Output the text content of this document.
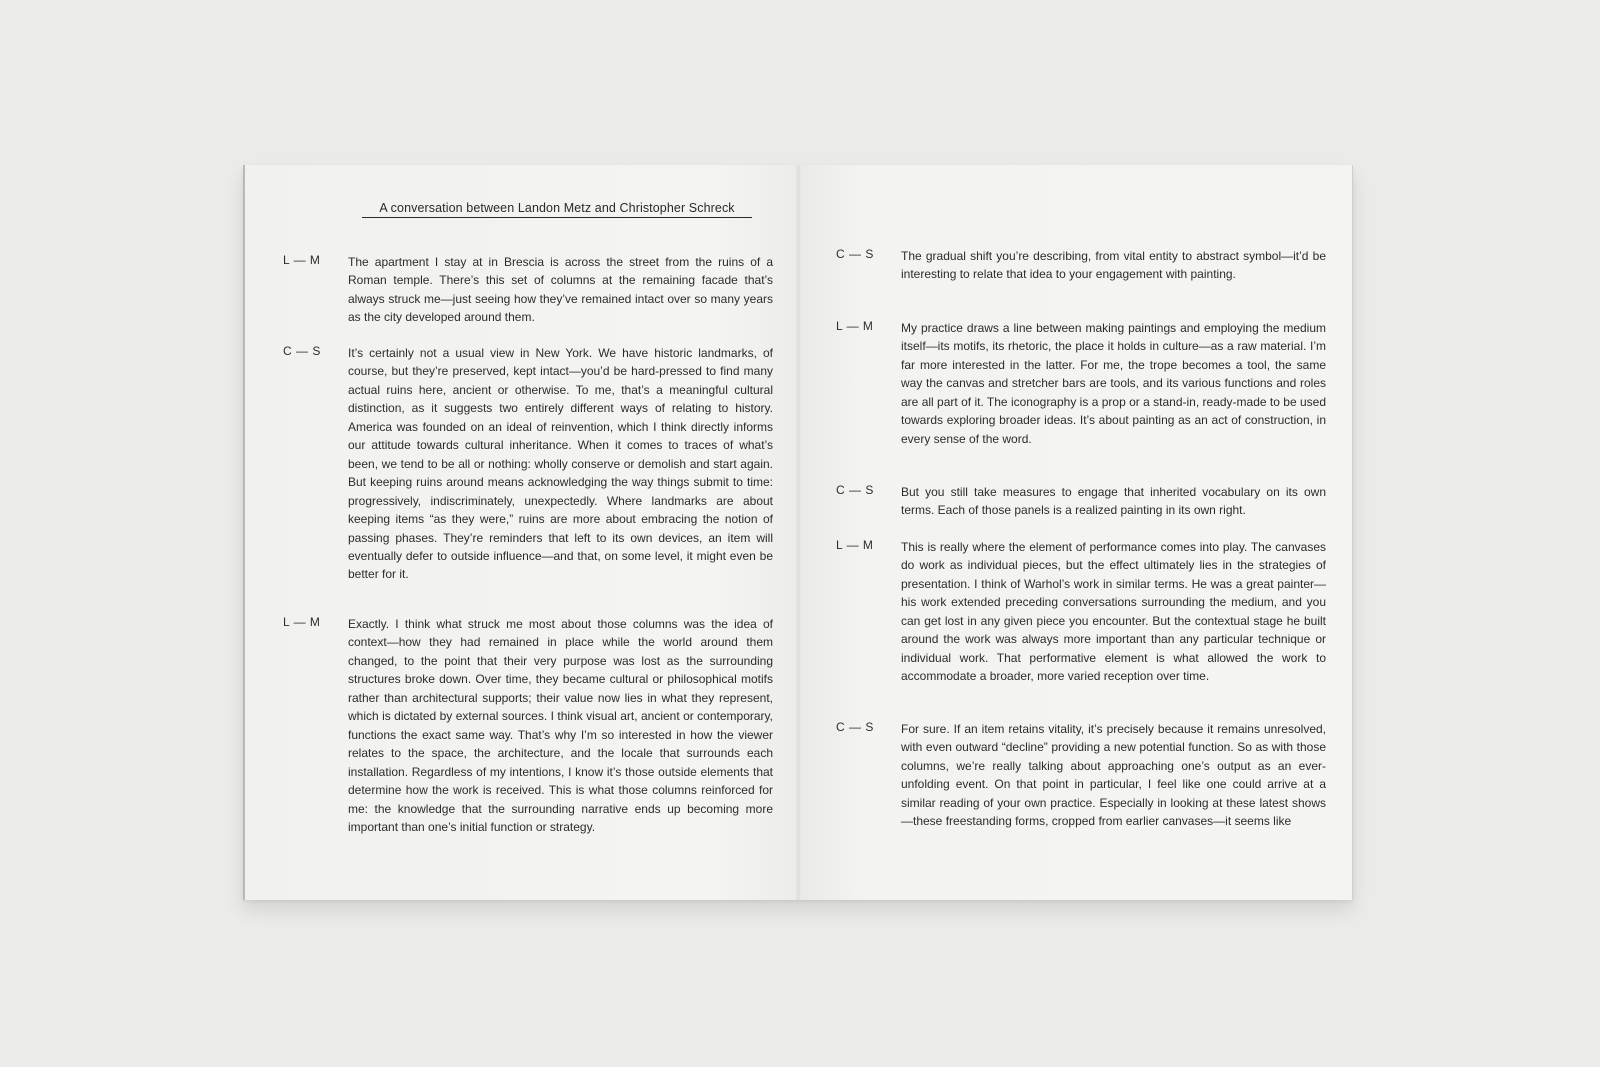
A conversation between Landon Metz and Christopher Schreck
L — M The apartment I stay at in Brescia is across the street from the ruins of a Roman temple. There’s this set of columns at the remaining facade that’s always struck me—just seeing how they’ve remained intact over so many years as the city developed around them.

C — S It’s certainly not a usual view in New York. We have historic landmarks, of course, but they’re preserved, kept intact—you’d be hard-pressed to find many actual ruins here, ancient or otherwise. To me, that’s a meaningful cultural distinction, as it suggests two entirely different ways of relating to history. America was founded on an ideal of reinvention, which I think directly informs our attitude towards cultural inheritance. When it comes to traces of what’s been, we tend to be all or nothing: wholly conserve or demolish and start again. But keeping ruins around means acknowledging the way things submit to time: progressively, indiscriminately, unexpectedly. Where landmarks are about keeping items “as they were,” ruins are more about embracing the notion of passing phases. They’re reminders that left to its own devices, an item will eventually defer to outside influence—and that, on some level, it might even be better for it.

L — M Exactly. I think what struck me most about those columns was the idea of context—how they had remained in place while the world around them changed, to the point that their very purpose was lost as the surrounding structures broke down. Over time, they became cultural or philosophical motifs rather than architectural supports; their value now lies in what they represent, which is dictated by external sources. I think visual art, ancient or contemporary, functions the exact same way. That’s why I’m so interested in how the viewer relates to the space, the architecture, and the locale that surrounds each installation. Regardless of my intentions, I know it’s those outside elements that determine how the work is received. This is what those columns reinforced for me: the knowledge that the surrounding narrative ends up becoming more important than one’s initial function or strategy.

C — S The gradual shift you’re describing, from vital entity to abstract symbol—it’d be interesting to relate that idea to your engagement with painting.

L — M My practice draws a line between making paintings and employing the medium itself—its motifs, its rhetoric, the place it holds in culture—as a raw material. I’m far more interested in the latter. For me, the trope becomes a tool, the same way the canvas and stretcher bars are tools, and its various functions and roles are all part of it. The iconography is a prop or a stand-in, ready-made to be used towards exploring broader ideas. It’s about painting as an act of construction, in every sense of the word.

C — S But you still take measures to engage that inherited vocabulary on its own terms. Each of those panels is a realized painting in its own right.

L — M This is really where the element of performance comes into play. The canvases do work as individual pieces, but the effect ultimately lies in the strategies of presentation. I think of Warhol’s work in similar terms. He was a great painter—his work extended preceding conversations surrounding the medium, and you can get lost in any given piece you encounter. But the contextual stage he built around the work was always more important than any particular technique or individual work. That performative element is what allowed the work to accommodate a broader, more varied reception over time.

C — S For sure. If an item retains vitality, it’s precisely because it remains unresolved, with even outward “decline” providing a new potential function. So as with those columns, we’re really talking about approaching one’s output as an ever-unfolding event. On that point in particular, I feel like one could arrive at a similar reading of your own practice. Especially in looking at these latest shows—these freestanding forms, cropped from earlier canvases—it seems like
